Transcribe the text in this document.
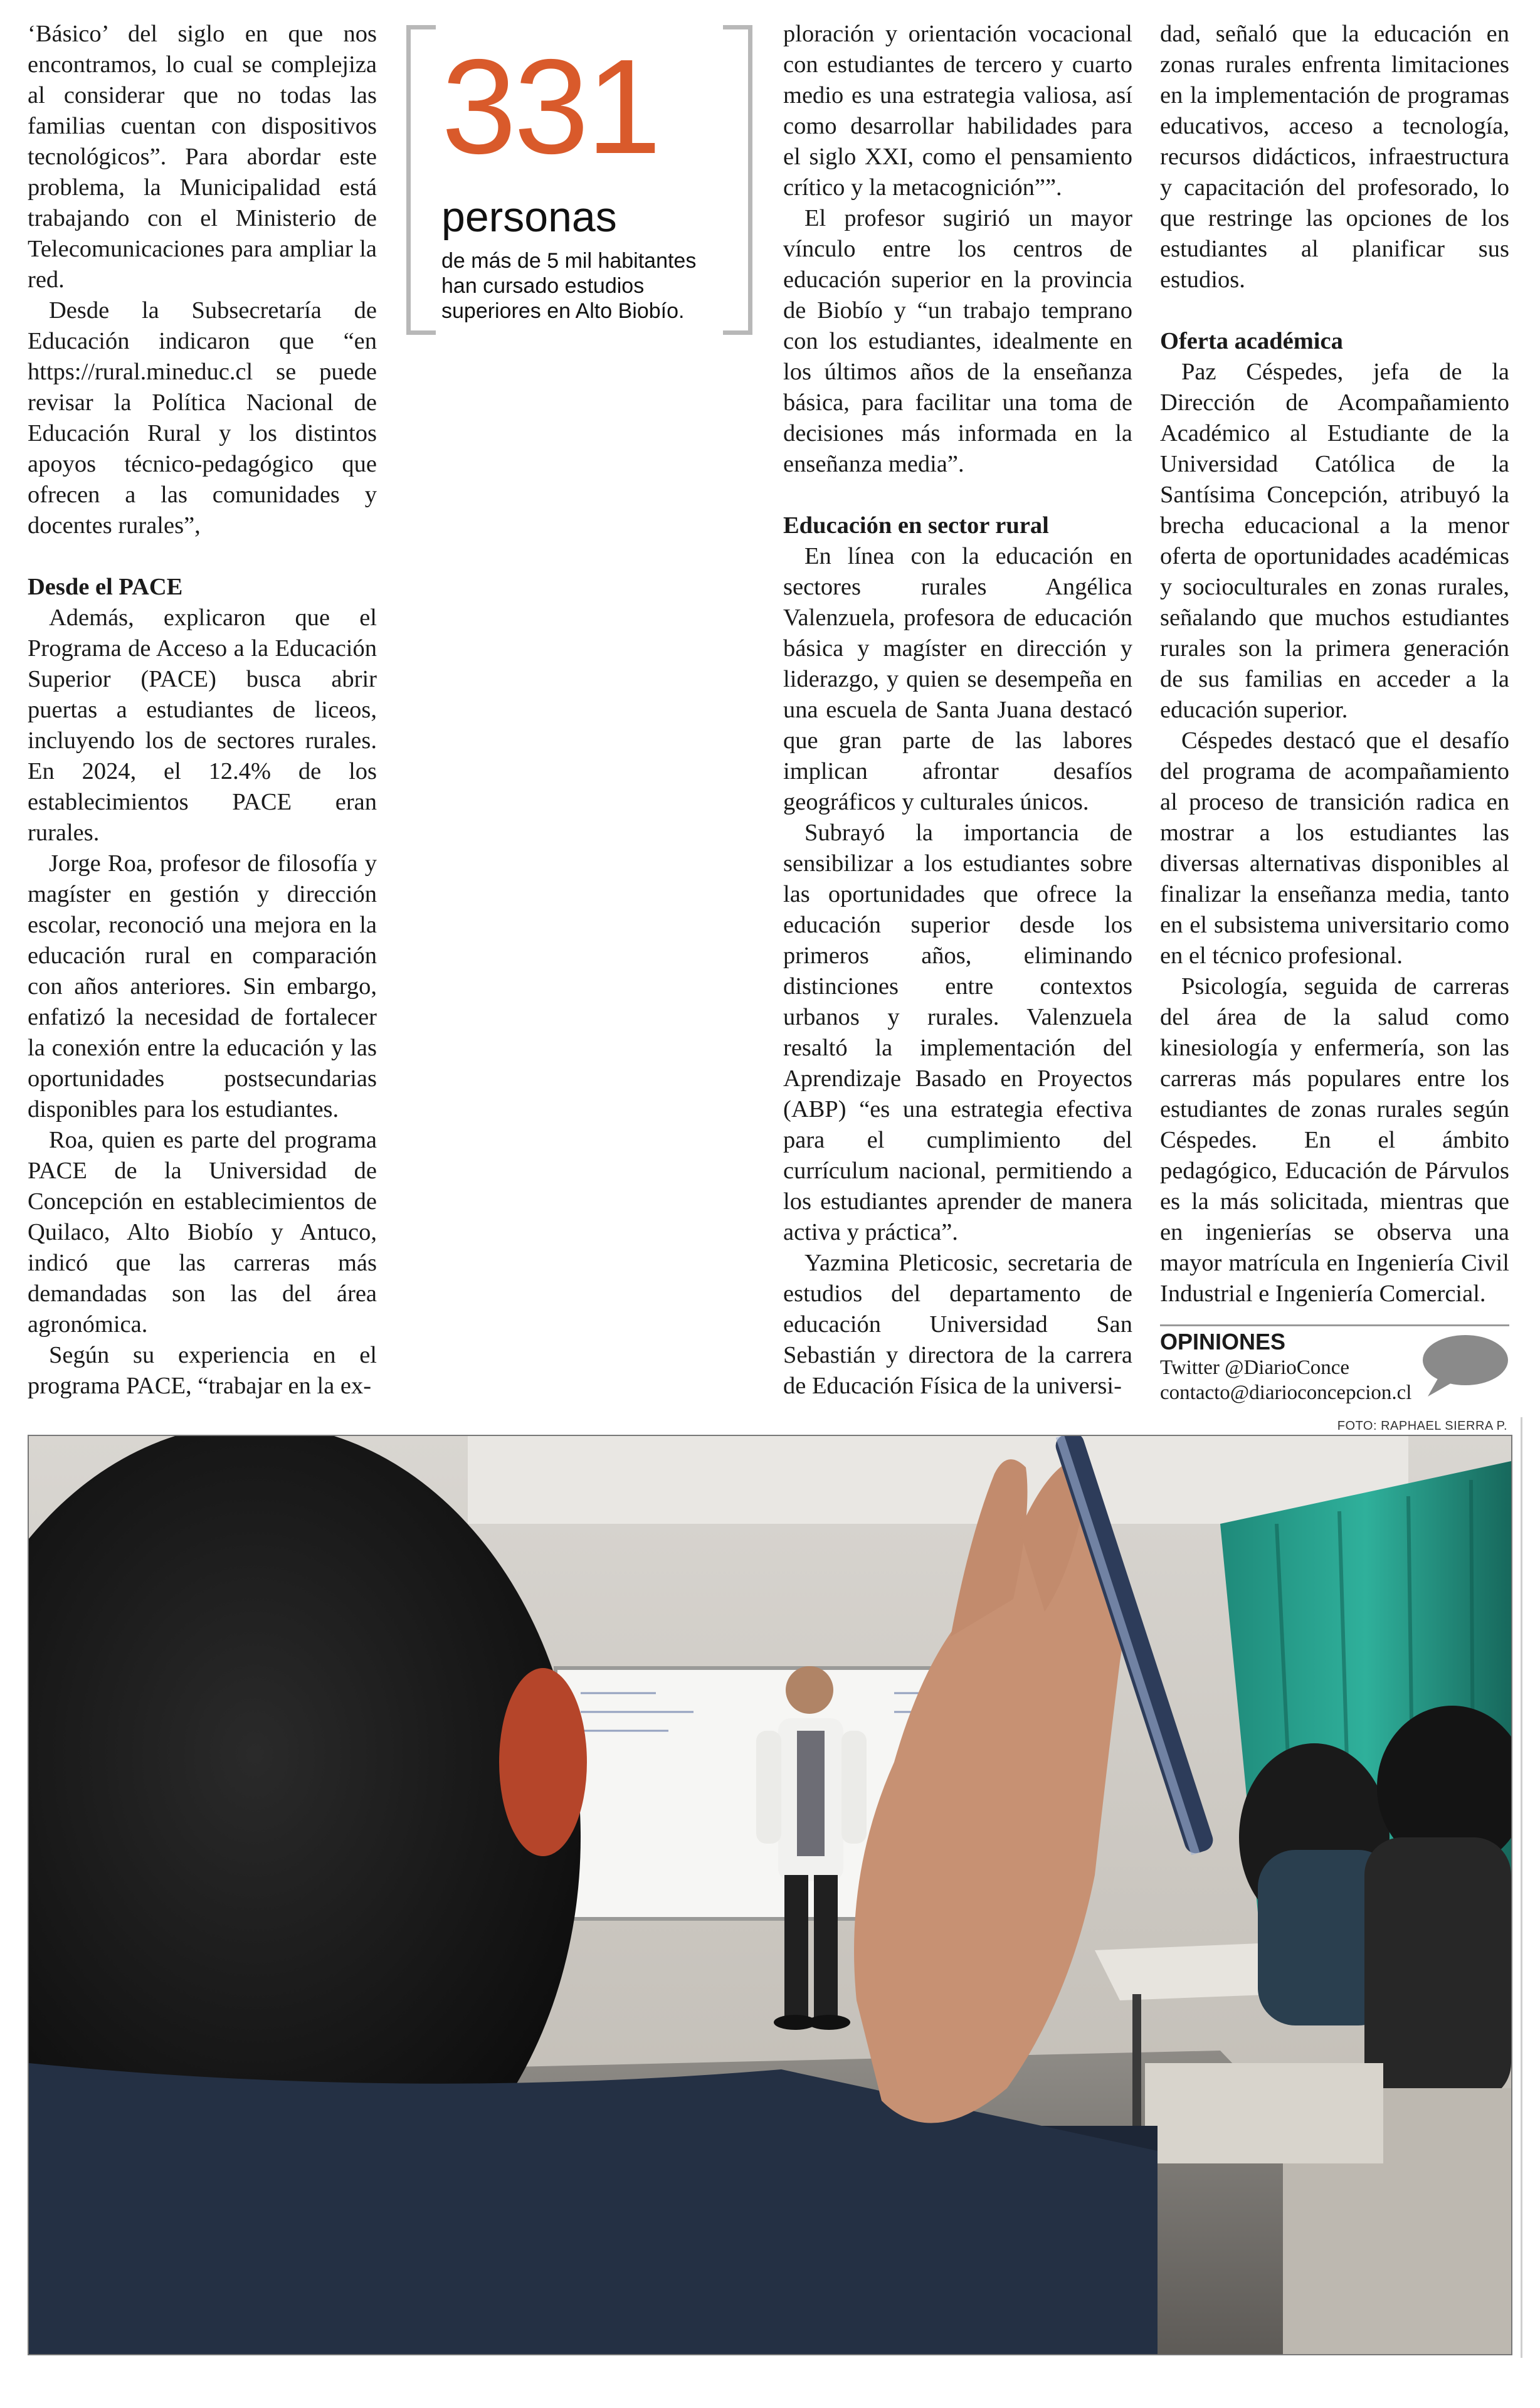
‘Básico’ del siglo en que nos encontramos, lo cual se complejiza al considerar que no todas las familias cuentan con dispositivos tecnológicos”. Para abordar este problema, la Municipalidad está trabajando con el Ministerio de Telecomunicaciones para ampliar la red.

Desde la Subsecretaría de Educación indicaron que “en https://rural.mineduc.cl se puede revisar la Política Nacional de Educación Rural y los distintos apoyos técnico-pedagógico que ofrecen a las comunidades y docentes rurales”,

Desde el PACE

Además, explicaron que el Programa de Acceso a la Educación Superior (PACE) busca abrir puertas a estudiantes de liceos, incluyendo los de sectores rurales. En 2024, el 12.4% de los establecimientos PACE eran rurales.

Jorge Roa, profesor de filosofía y magíster en gestión y dirección escolar, reconoció una mejora en la educación rural en comparación con años anteriores. Sin embargo, enfatizó la necesidad de fortalecer la conexión entre la educación y las oportunidades postsecundarias disponibles para los estudiantes.

Roa, quien es parte del programa PACE de la Universidad de Concepción en establecimientos de Quilaco, Alto Biobío y Antuco, indicó que las carreras más demandadas son las del área agronómica.

Según su experiencia en el programa PACE, “trabajar en la ex-

331
personas
de más de 5 mil habitantes han cursado estudios superiores en Alto Biobío.

ploración y orientación vocacional con estudiantes de tercero y cuarto medio es una estrategia valiosa, así como desarrollar habilidades para el siglo XXI, como el pensamiento crítico y la metacognición””.

El profesor sugirió un mayor vínculo entre los centros de educación superior en la provincia de Biobío y “un trabajo temprano con los estudiantes, idealmente en los últimos años de la enseñanza básica, para facilitar una toma de decisiones más informada en la enseñanza media”.

Educación en sector rural

En línea con la educación en sectores rurales Angélica Valenzuela, profesora de educación básica y magíster en dirección y liderazgo, y quien se desempeña en una escuela de Santa Juana destacó que gran parte de las labores implican afrontar desafíos geográficos y culturales únicos.

Subrayó la importancia de sensibilizar a los estudiantes sobre las oportunidades que ofrece la educación superior desde los primeros años, eliminando distinciones entre contextos urbanos y rurales. Valenzuela resaltó la implementación del Aprendizaje Basado en Proyectos (ABP) “es una estrategia efectiva para el cumplimiento del currículum nacional, permitiendo a los estudiantes aprender de manera activa y práctica”.

Yazmina Pleticosic, secretaria de estudios del departamento de educación Universidad San Sebastián y directora de la carrera de Educación Física de la universi-

dad, señaló que la educación en zonas rurales enfrenta limitaciones en la implementación de programas educativos, acceso a tecnología, recursos didácticos, infraestructura y capacitación del profesorado, lo que restringe las opciones de los estudiantes al planificar sus estudios.

Oferta académica

Paz Céspedes, jefa de la Dirección de Acompañamiento Académico al Estudiante de la Universidad Católica de la Santísima Concepción, atribuyó la brecha educacional a la menor oferta de oportunidades académicas y socioculturales en zonas rurales, señalando que muchos estudiantes rurales son la primera generación de sus familias en acceder a la educación superior.

Céspedes destacó que el desafío del programa de acompañamiento al proceso de transición radica en mostrar a los estudiantes las diversas alternativas disponibles al finalizar la enseñanza media, tanto en el subsistema universitario como en el técnico profesional.

Psicología, seguida de carreras del área de la salud como kinesiología y enfermería, son las carreras más populares entre los estudiantes de zonas rurales según Céspedes. En el ámbito pedagógico, Educación de Párvulos es la más solicitada, mientras que en ingenierías se observa una mayor matrícula en Ingeniería Civil Industrial e Ingeniería Comercial.

OPINIONES
Twitter @DiarioConce
contacto@diarioconcepcion.cl
FOTO: RAPHAEL SIERRA P.
